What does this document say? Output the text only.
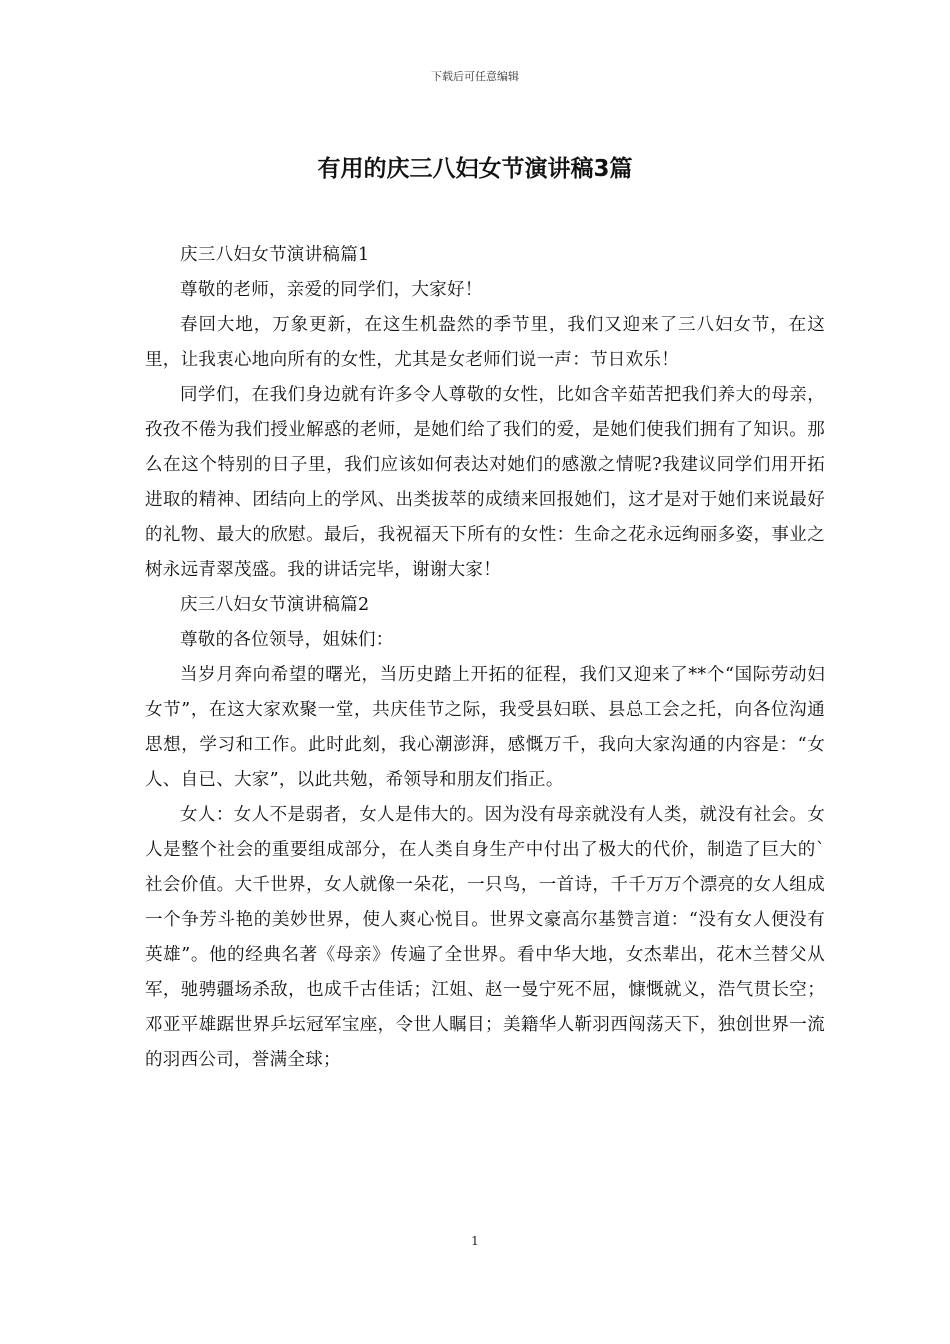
下载后可任意编辑
有用的庆三八妇女节演讲稿3篇

庆三八妇女节演讲稿篇1

尊敬的老师，亲爱的同学们，大家好！

春回大地，万象更新，在这生机盎然的季节里，我们又迎来了三八妇女节，在这里，让我衷心地向所有的女性，尤其是女老师们说一声：节日欢乐！

同学们，在我们身边就有许多令人尊敬的女性，比如含辛茹苦把我们养大的母亲，孜孜不倦为我们授业解惑的老师，是她们给了我们的爱，是她们使我们拥有了知识。那么在这个特别的日子里，我们应该如何表达对她们的感激之情呢?我建议同学们用开拓进取的精神、团结向上的学风、出类拔萃的成绩来回报她们，这才是对于她们来说最好的礼物、最大的欣慰。最后，我祝福天下所有的女性：生命之花永远绚丽多姿，事业之树永远青翠茂盛。我的讲话完毕，谢谢大家！

庆三八妇女节演讲稿篇2

尊敬的各位领导，姐妹们：

当岁月奔向希望的曙光，当历史踏上开拓的征程，我们又迎来了**个“国际劳动妇女节”，在这大家欢聚一堂，共庆佳节之际，我受县妇联、县总工会之托，向各位沟通思想，学习和工作。此时此刻，我心潮澎湃，感慨万千，我向大家沟通的内容是：“女人、自已、大家”，以此共勉，希领导和朋友们指正。

女人：女人不是弱者，女人是伟大的。因为没有母亲就没有人类，就没有社会。女人是整个社会的重要组成部分，在人类自身生产中付出了极大的代价，制造了巨大的`社会价值。大千世界，女人就像一朵花，一只鸟，一首诗，千千万万个漂亮的女人组成一个争芳斗艳的美妙世界，使人爽心悦目。世界文豪高尔基赞言道：“没有女人便没有英雄”。他的经典名著《母亲》传遍了全世界。看中华大地，女杰辈出，花木兰替父从军，驰骋疆场杀敌，也成千古佳话；江姐、赵一曼宁死不屈，慷慨就义，浩气贯长空；邓亚平雄踞世界乒坛冠军宝座，令世人瞩目；美籍华人靳羽西闯荡天下，独创世界一流的羽西公司，誉满全球；

1
